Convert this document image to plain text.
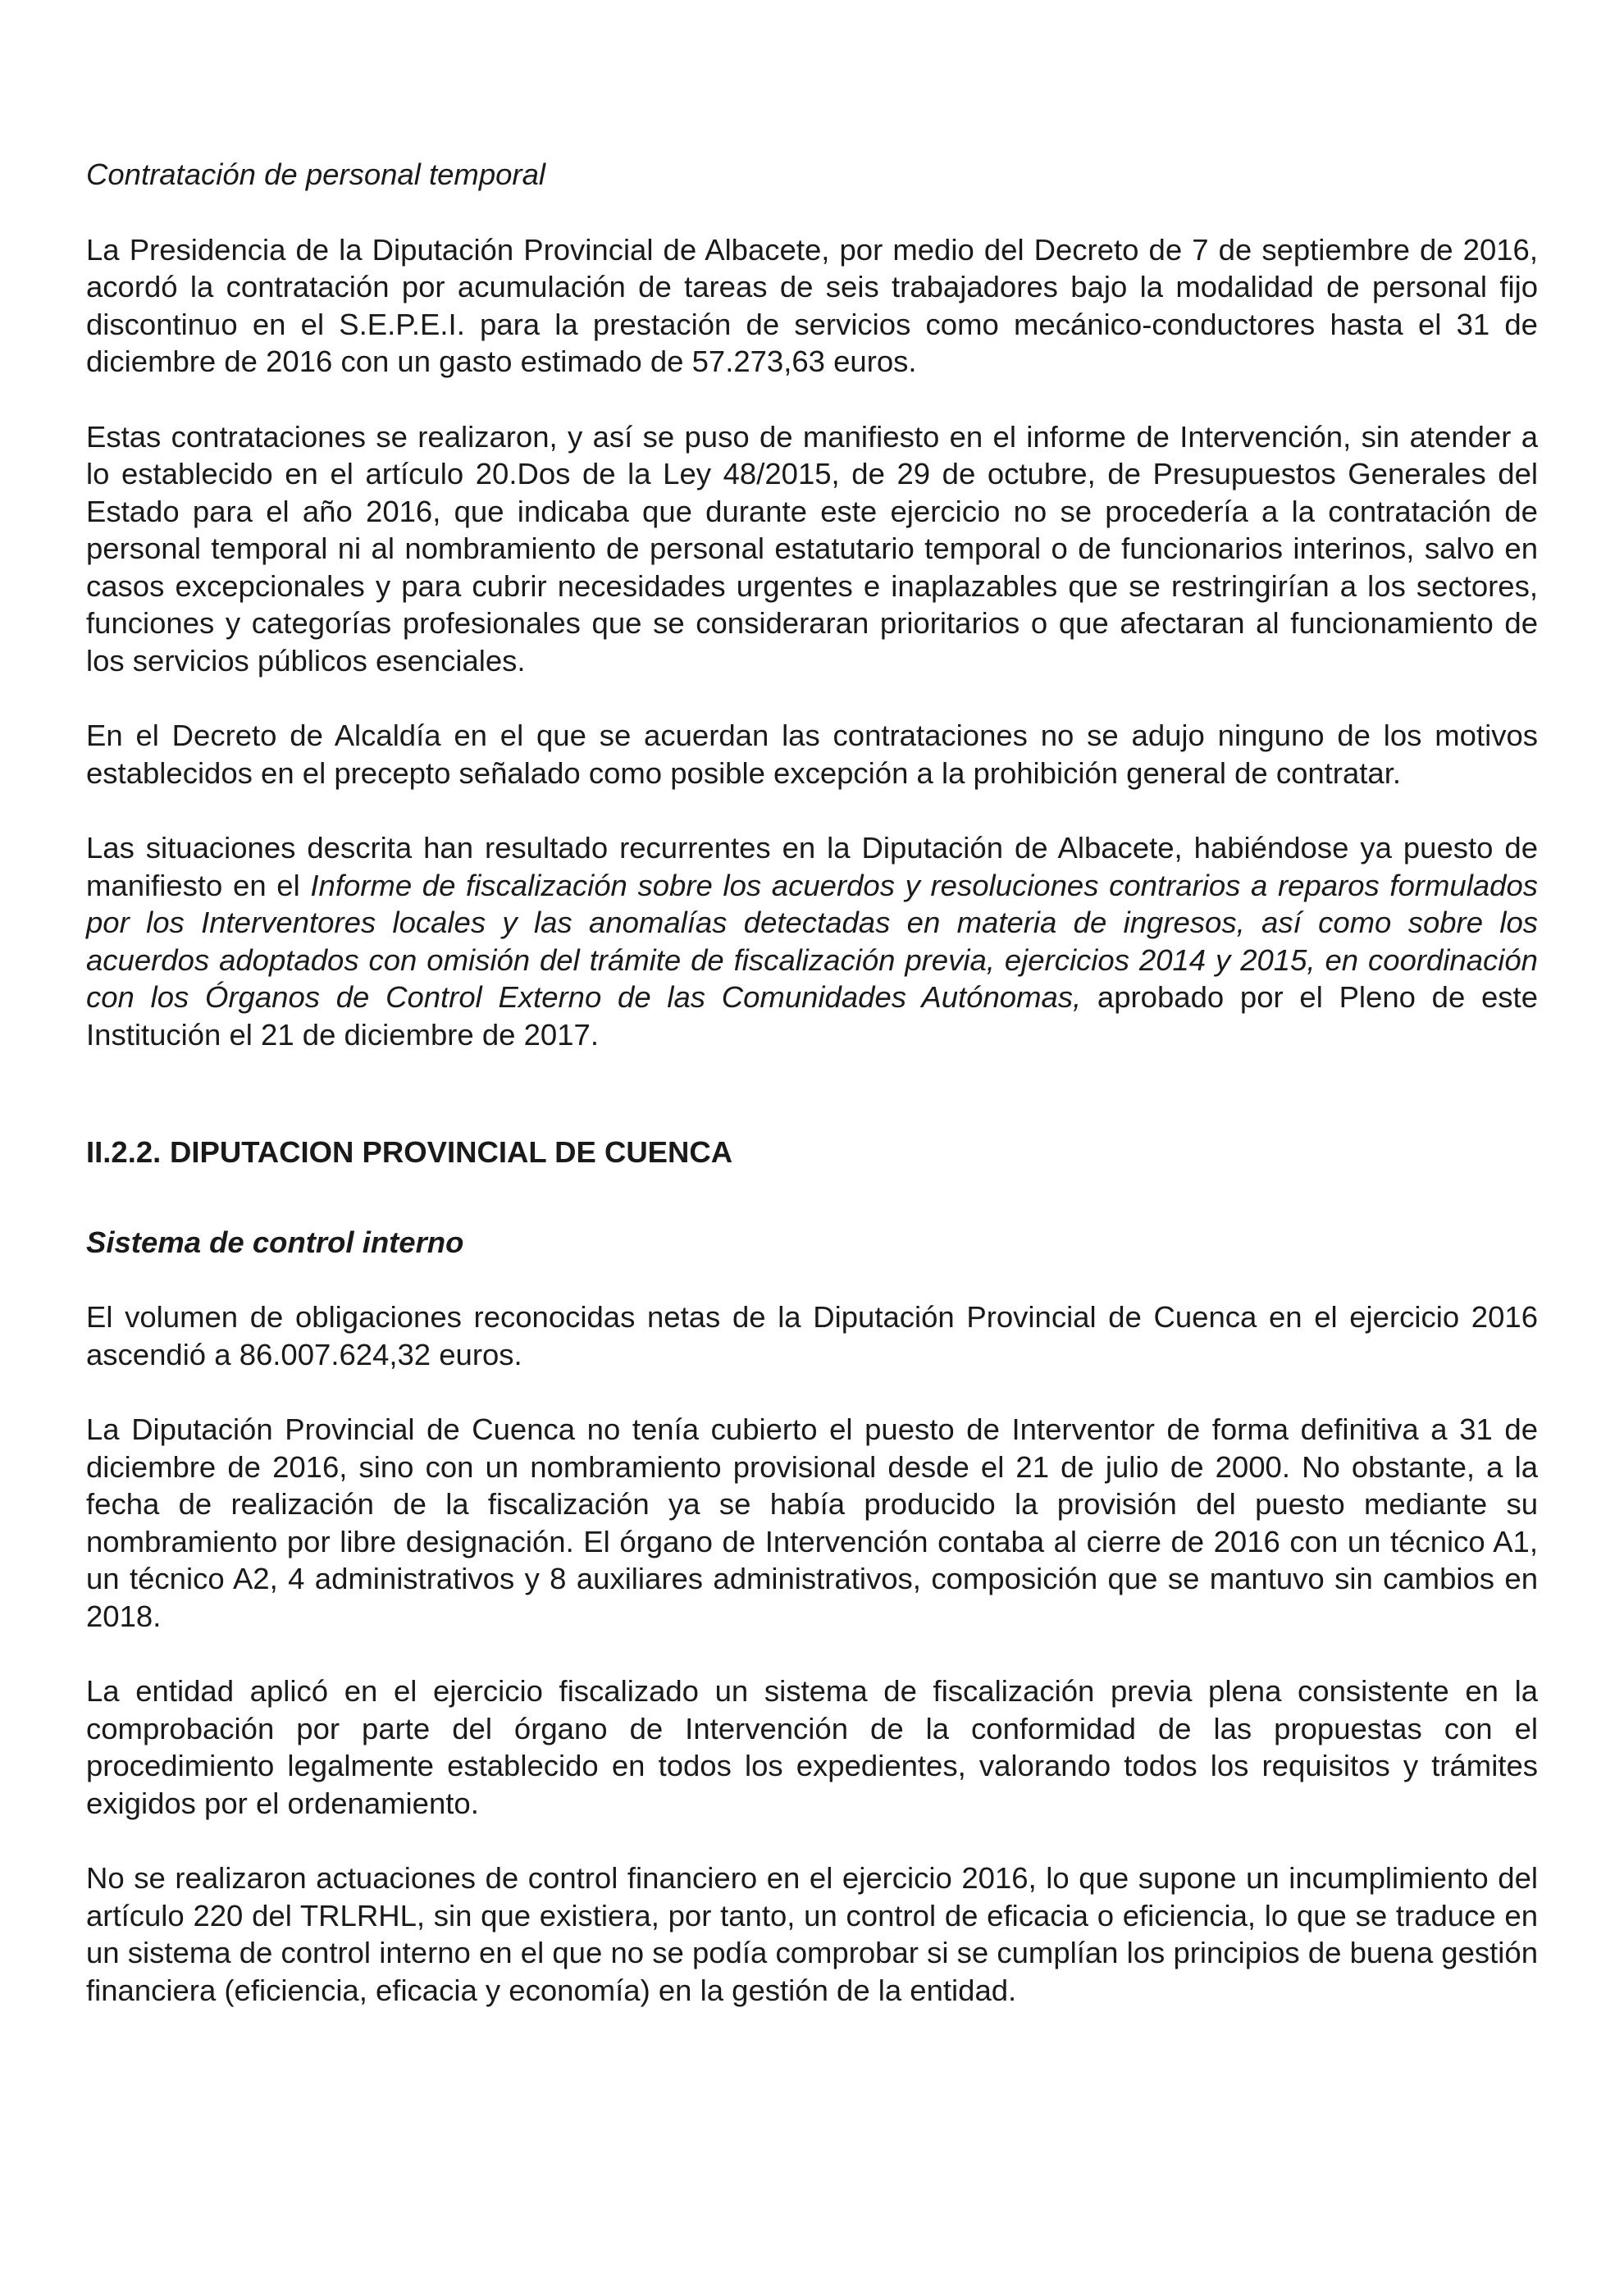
Contratación de personal temporal

La Presidencia de la Diputación Provincial de Albacete, por medio del Decreto de 7 de septiembre de 2016, acordó la contratación por acumulación de tareas de seis trabajadores bajo la modalidad de personal fijo discontinuo en el S.E.P.E.I. para la prestación de servicios como mecánico-conductores hasta el 31 de diciembre de 2016 con un gasto estimado de 57.273,63 euros.

Estas contrataciones se realizaron, y así se puso de manifiesto en el informe de Intervención, sin atender a lo establecido en el artículo 20.Dos de la Ley 48/2015, de 29 de octubre, de Presupuestos Generales del Estado para el año 2016, que indicaba que durante este ejercicio no se procedería a la contratación de personal temporal ni al nombramiento de personal estatutario temporal o de funcionarios interinos, salvo en casos excepcionales y para cubrir necesidades urgentes e inaplazables que se restringirían a los sectores, funciones y categorías profesionales que se consideraran prioritarios o que afectaran al funcionamiento de los servicios públicos esenciales.

En el Decreto de Alcaldía en el que se acuerdan las contrataciones no se adujo ninguno de los motivos establecidos en el precepto señalado como posible excepción a la prohibición general de contratar.

Las situaciones descrita han resultado recurrentes en la Diputación de Albacete, habiéndose ya puesto de manifiesto en el Informe de fiscalización sobre los acuerdos y resoluciones contrarios a reparos formulados por los Interventores locales y las anomalías detectadas en materia de ingresos, así como sobre los acuerdos adoptados con omisión del trámite de fiscalización previa, ejercicios 2014 y 2015, en coordinación con los Órganos de Control Externo de las Comunidades Autónomas, aprobado por el Pleno de este Institución el 21 de diciembre de 2017.

II.2.2. DIPUTACION PROVINCIAL DE CUENCA

Sistema de control interno

El volumen de obligaciones reconocidas netas de la Diputación Provincial de Cuenca en el ejercicio 2016 ascendió a 86.007.624,32 euros.

La Diputación Provincial de Cuenca no tenía cubierto el puesto de Interventor de forma definitiva a 31 de diciembre de 2016, sino con un nombramiento provisional desde el 21 de julio de 2000. No obstante, a la fecha de realización de la fiscalización ya se había producido la provisión del puesto mediante su nombramiento por libre designación. El órgano de Intervención contaba al cierre de 2016 con un técnico A1, un técnico A2, 4 administrativos y 8 auxiliares administrativos, composición que se mantuvo sin cambios en 2018.

La entidad aplicó en el ejercicio fiscalizado un sistema de fiscalización previa plena consistente en la comprobación por parte del órgano de Intervención de la conformidad de las propuestas con el procedimiento legalmente establecido en todos los expedientes, valorando todos los requisitos y trámites exigidos por el ordenamiento.

No se realizaron actuaciones de control financiero en el ejercicio 2016, lo que supone un incumplimiento del artículo 220 del TRLRHL, sin que existiera, por tanto, un control de eficacia o eficiencia, lo que se traduce en un sistema de control interno en el que no se podía comprobar si se cumplían los principios de buena gestión financiera (eficiencia, eficacia y economía) en la gestión de la entidad.
